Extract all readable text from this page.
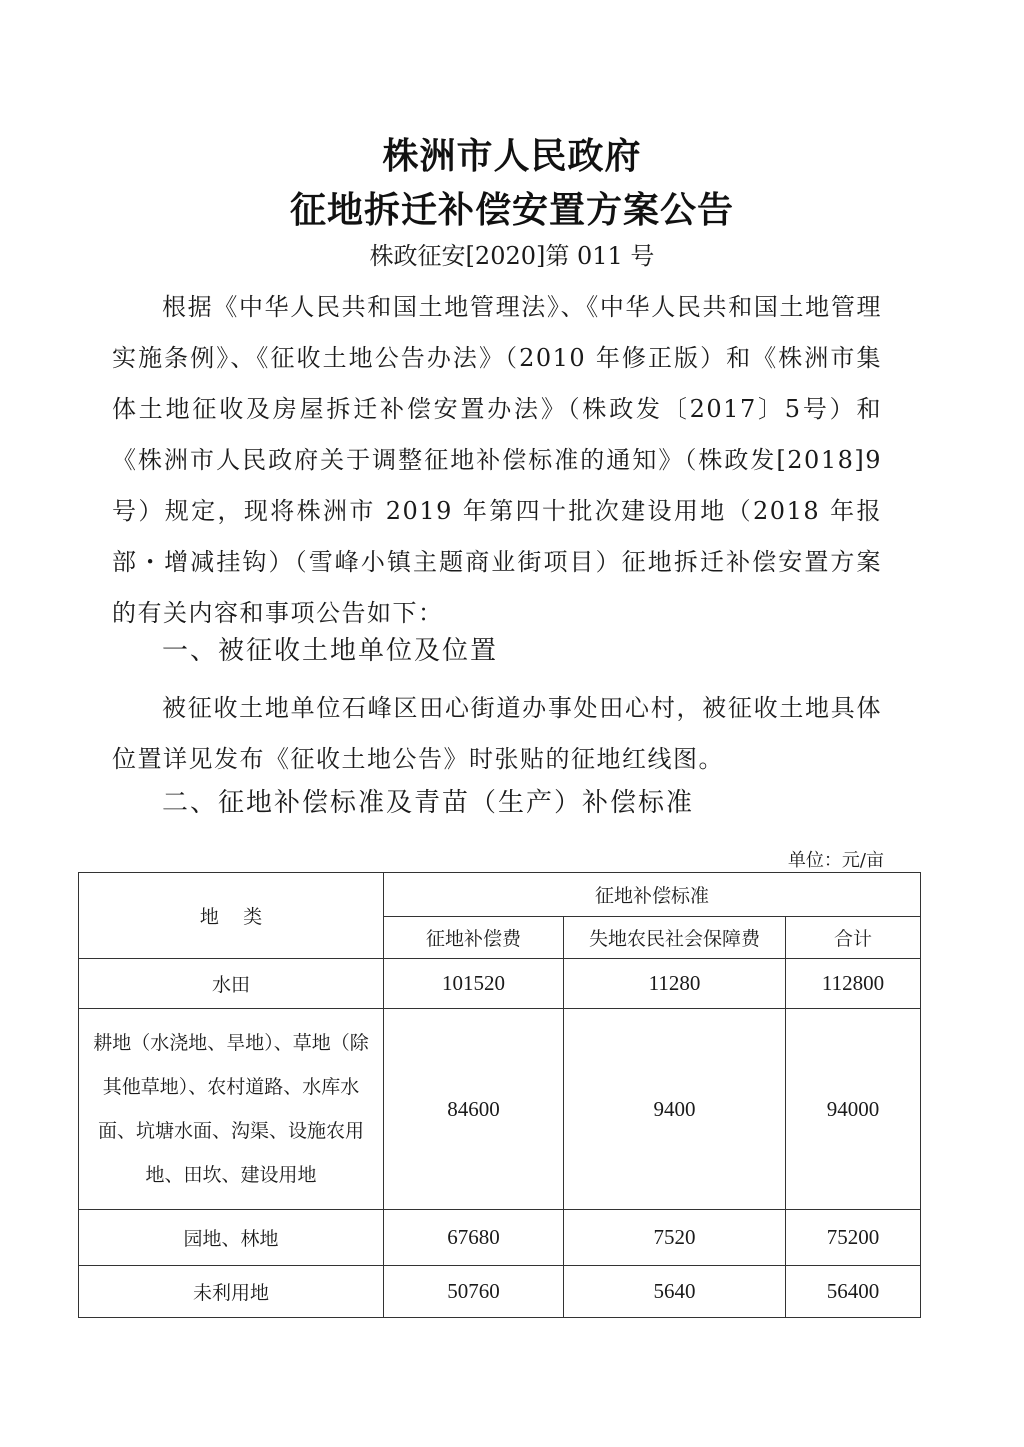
株洲市人民政府
征地拆迁补偿安置方案公告
株政征安[2020]第 011 号
根据《中华人民共和国土地管理法》、《中华人民共和国土地管理实施条例》、《征收土地公告办法》（2010 年修正版）和《株洲市集体土地征收及房屋拆迁补偿安置办法》（株政发〔2017〕5号）和《株洲市人民政府关于调整征地补偿标准的通知》（株政发[2018]9 号）规定，现将株洲市 2019 年第四十批次建设用地（2018 年报部・增减挂钩）（雪峰小镇主题商业街项目）征地拆迁补偿安置方案的有关内容和事项公告如下：
一、被征收土地单位及位置
被征收土地单位石峰区田心街道办事处田心村，被征收土地具体位置详见发布《征收土地公告》时张贴的征地红线图。
二、征地补偿标准及青苗（生产）补偿标准
单位：元/亩
地    类	征地补偿标准		
	征地补偿费	失地农民社会保障费	合计
水田	101520	11280	112800
耕地（水浇地、旱地）、草地（除其他草地）、农村道路、水库水面、坑塘水面、沟渠、设施农用地、田坎、建设用地	84600	9400	94000
园地、林地	67680	7520	75200
未利用地	50760	5640	56400
